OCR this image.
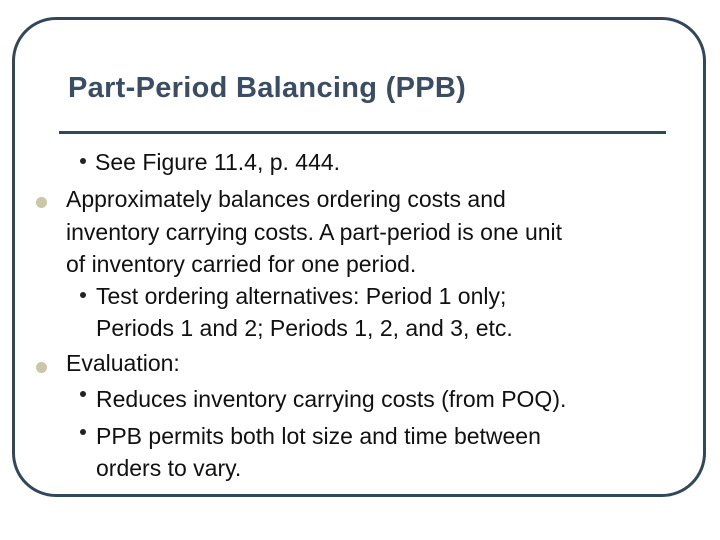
Part-Period Balancing (PPB)
See Figure 11.4, p. 444.
Approximately balances ordering costs and
inventory carrying costs. A part-period is one unit
of inventory carried for one period.
Test ordering alternatives: Period 1 only;
Periods 1 and 2; Periods 1, 2, and 3, etc.
Evaluation:
Reduces inventory carrying costs (from POQ).
PPB permits both lot size and time between
orders to vary.
